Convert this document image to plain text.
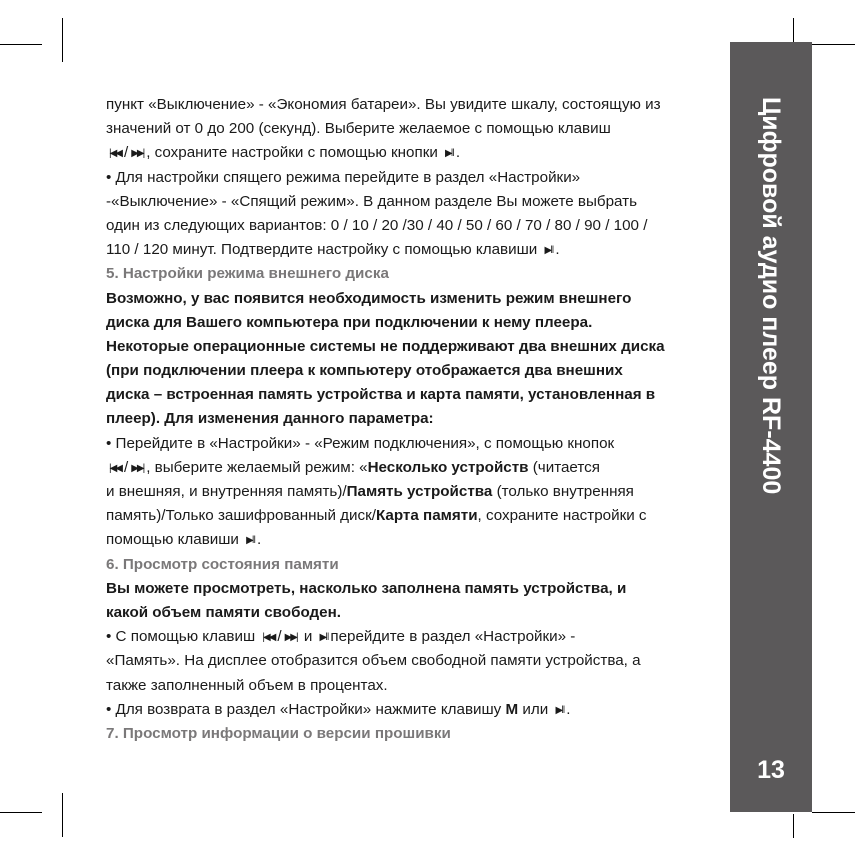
Цифровой аудио плеер RF-4400
13
пункт «Выключение» - «Экономия батареи». Вы увидите шкалу, состоящую из
значений от 0 до 200 (секунд). Выберите желаемое с помощью клавиш
|◀◀ / ▶▶| , сохраните настройки с помощью кнопки ▶‖ .
• Для настройки спящего режима перейдите в раздел «Настройки»
-«Выключение» - «Спящий режим». В данном разделе Вы можете выбрать
один из следующих вариантов: 0 / 10 / 20 /30 / 40 / 50 / 60 / 70 / 80 / 90 / 100 /
110 / 120 минут. Подтвердите настройку с помощью клавиши ▶‖ .
5. Настройки режима внешнего диска
Возможно, у вас появится необходимость изменить режим внешнего
диска для Вашего компьютера при подключении к нему плеера.
Некоторые операционные системы не поддерживают два внешних диска
(при подключении плеера к компьютеру отображается два внешних
диска – встроенная память устройства и карта памяти, установленная в
плеер). Для изменения данного параметра:
• Перейдите в «Настройки» - «Режим подключения», с помощью кнопок
|◀◀ / ▶▶| , выберите желаемый режим: «Несколько устройств (читается
и внешняя, и внутренняя память)/Память устройства (только внутренняя
память)/Только зашифрованный диск/Карта памяти, сохраните настройки с
помощью клавиши ▶‖ .
6. Просмотр состояния памяти
Вы можете просмотреть, насколько заполнена память устройства, и
какой объем памяти свободен.
• С помощью клавиш |◀◀ / ▶▶| и ▶‖ перейдите в раздел «Настройки» -
«Память». На дисплее отобразится объем свободной памяти устройства, а
также заполненный объем в процентах.
• Для возврата в раздел «Настройки» нажмите клавишу M или ▶‖ .
7. Просмотр информации о версии прошивки
